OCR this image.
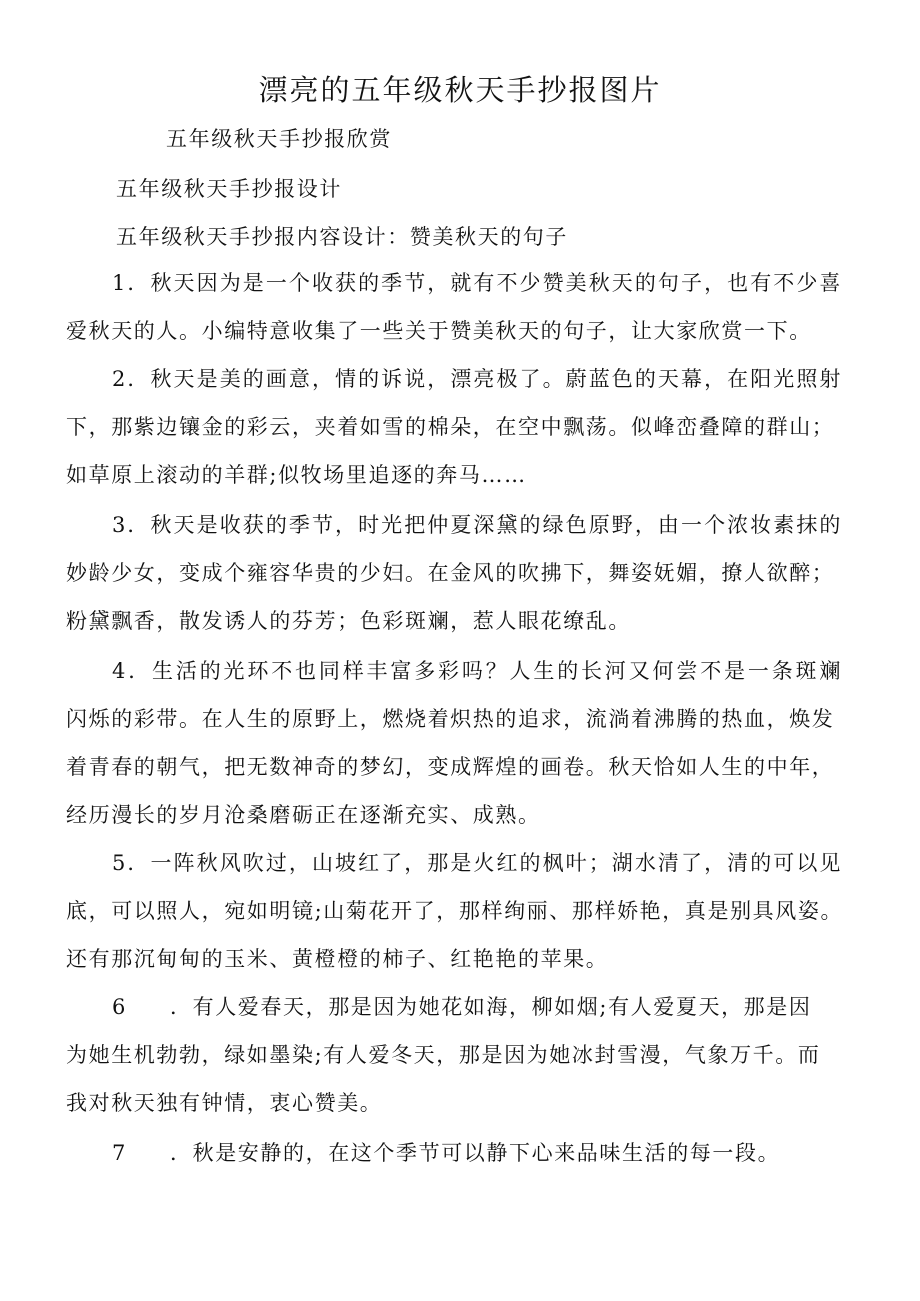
漂亮的五年级秋天手抄报图片
五年级秋天手抄报欣赏
五年级秋天手抄报设计
五年级秋天手抄报内容设计：赞美秋天的句子
1．秋天因为是一个收获的季节，就有不少赞美秋天的句子，也有不少喜
爱秋天的人。小编特意收集了一些关于赞美秋天的句子，让大家欣赏一下。
2．秋天是美的画意，情的诉说，漂亮极了。蔚蓝色的天幕，在阳光照射
下，那紫边镶金的彩云，夹着如雪的棉朵，在空中飘荡。似峰峦叠障的群山；
如草原上滚动的羊群;似牧场里追逐的奔马……
3．秋天是收获的季节，时光把仲夏深黛的绿色原野，由一个浓妆素抹的
妙龄少女，变成个雍容华贵的少妇。在金风的吹拂下，舞姿妩媚，撩人欲醉；
粉黛飘香，散发诱人的芬芳；色彩斑斓，惹人眼花缭乱。
4．生活的光环不也同样丰富多彩吗？人生的长河又何尝不是一条斑斓
闪烁的彩带。在人生的原野上，燃烧着炽热的追求，流淌着沸腾的热血，焕发
着青春的朝气，把无数神奇的梦幻，变成辉煌的画卷。秋天恰如人生的中年，
经历漫长的岁月沧桑磨砺正在逐渐充实、成熟。
5．一阵秋风吹过，山坡红了，那是火红的枫叶；湖水清了，清的可以见
底，可以照人，宛如明镜;山菊花开了，那样绚丽、那样娇艳，真是别具风姿。
还有那沉甸甸的玉米、黄橙橙的柿子、红艳艳的苹果。
6	．有人爱春天，那是因为她花如海，柳如烟;有人爱夏天，那是因
为她生机勃勃，绿如墨染;有人爱冬天，那是因为她冰封雪漫，气象万千。而
我对秋天独有钟情，衷心赞美。
7	．秋是安静的，在这个季节可以静下心来品味生活的每一段。
